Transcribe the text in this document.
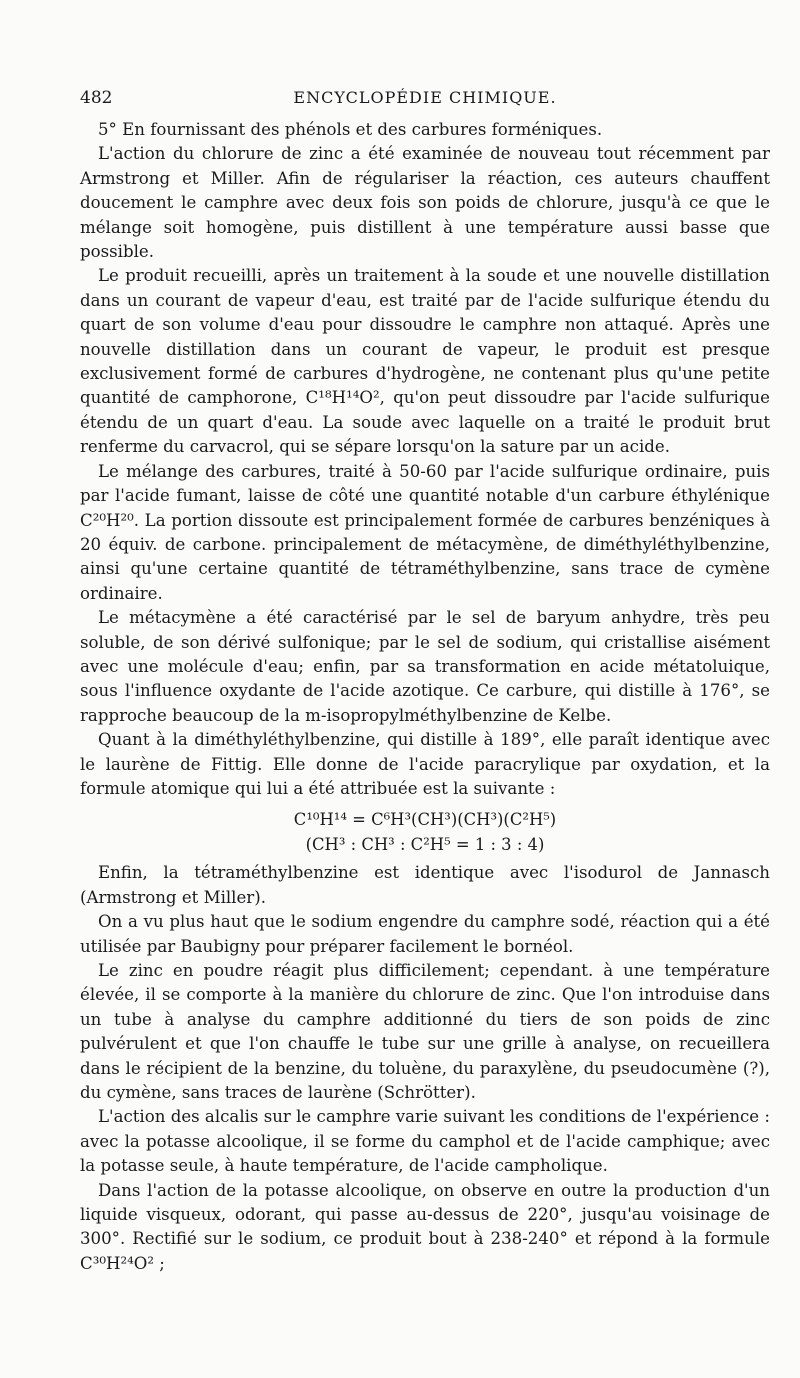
482	ENCYCLOPÉDIE CHIMIQUE.

5° En fournissant des phénols et des carbures forméniques.

L'action du chlorure de zinc a été examinée de nouveau tout récemment par Armstrong et Miller. Afin de régulariser la réaction, ces auteurs chauffent doucement le camphre avec deux fois son poids de chlorure, jusqu'à ce que le mélange soit homogène, puis distillent à une température aussi basse que possible.

Le produit recueilli, après un traitement à la soude et une nouvelle distillation dans un courant de vapeur d'eau, est traité par de l'acide sulfurique étendu du quart de son volume d'eau pour dissoudre le camphre non attaqué. Après une nouvelle distillation dans un courant de vapeur, le produit est presque exclusivement formé de carbures d'hydrogène, ne contenant plus qu'une petite quantité de camphorone, C¹⁸H¹⁴O², qu'on peut dissoudre par l'acide sulfurique étendu de un quart d'eau. La soude avec laquelle on a traité le produit brut renferme du carvacrol, qui se sépare lorsqu'on la sature par un acide.

Le mélange des carbures, traité à 50-60 par l'acide sulfurique ordinaire, puis par l'acide fumant, laisse de côté une quantité notable d'un carbure éthylénique C²⁰H²⁰. La portion dissoute est principalement formée de carbures benzéniques à 20 équiv. de carbone. principalement de métacymène, de diméthyléthylbenzine, ainsi qu'une certaine quantité de tétraméthylbenzine, sans trace de cymène ordinaire.

Le métacymène a été caractérisé par le sel de baryum anhydre, très peu soluble, de son dérivé sulfonique; par le sel de sodium, qui cristallise aisément avec une molécule d'eau; enfin, par sa transformation en acide métatoluique, sous l'influence oxydante de l'acide azotique. Ce carbure, qui distille à 176°, se rapproche beaucoup de la m-isopropylméthylbenzine de Kelbe.

Quant à la diméthyléthylbenzine, qui distille à 189°, elle paraît identique avec le laurène de Fittig. Elle donne de l'acide paracrylique par oxydation, et la formule atomique qui lui a été attribuée est la suivante :

C¹⁰H¹⁴ = C⁶H³(CH³)(CH³)(C²H⁵)
(CH³ : CH³ : C²H⁵ = 1 : 3 : 4)

Enfin, la tétraméthylbenzine est identique avec l'isodurol de Jannasch (Armstrong et Miller).

On a vu plus haut que le sodium engendre du camphre sodé, réaction qui a été utilisée par Baubigny pour préparer facilement le bornéol.

Le zinc en poudre réagit plus difficilement; cependant. à une température élevée, il se comporte à la manière du chlorure de zinc. Que l'on introduise dans un tube à analyse du camphre additionné du tiers de son poids de zinc pulvérulent et que l'on chauffe le tube sur une grille à analyse, on recueillera dans le récipient de la benzine, du toluène, du paraxylène, du pseudocumène (?), du cymène, sans traces de laurène (Schrötter).

L'action des alcalis sur le camphre varie suivant les conditions de l'expérience : avec la potasse alcoolique, il se forme du camphol et de l'acide camphique; avec la potasse seule, à haute température, de l'acide campholique.

Dans l'action de la potasse alcoolique, on observe en outre la production d'un liquide visqueux, odorant, qui passe au-dessus de 220°, jusqu'au voisinage de 300°. Rectifié sur le sodium, ce produit bout à 238-240° et répond à la formule C³⁰H²⁴O² ;
